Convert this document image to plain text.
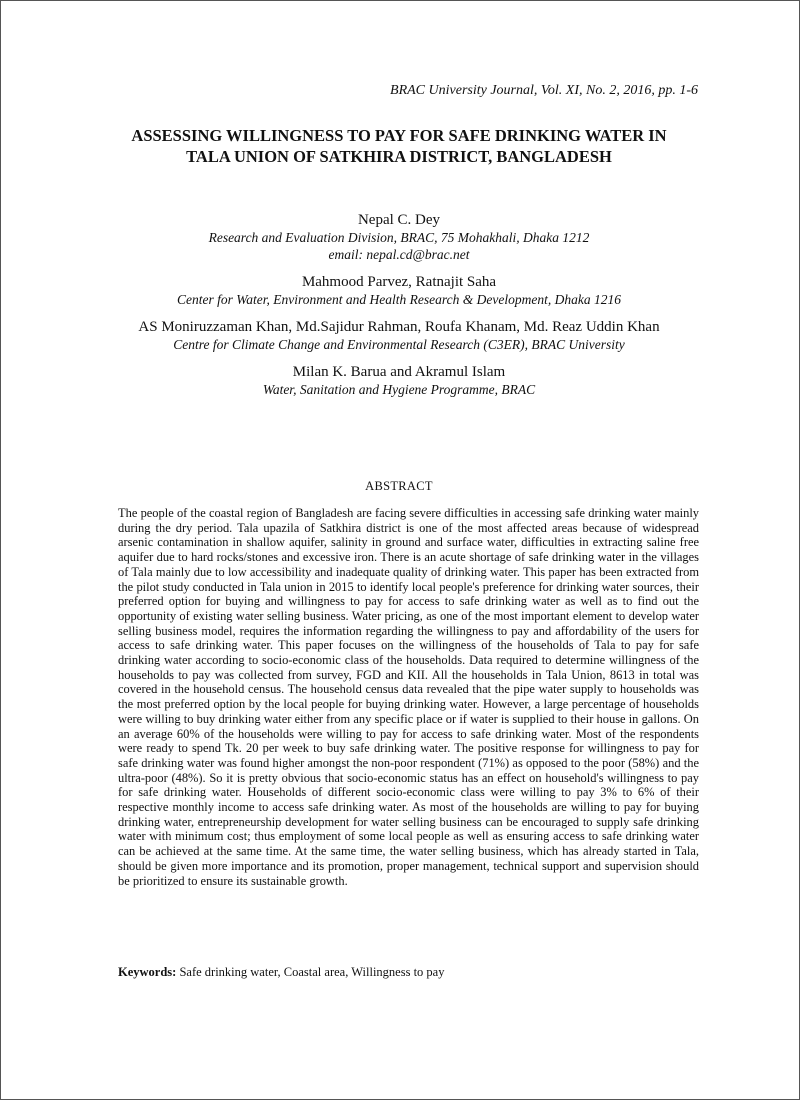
BRAC University Journal, Vol. XI, No. 2, 2016, pp. 1-6
ASSESSING WILLINGNESS TO PAY FOR SAFE DRINKING WATER IN TALA UNION OF SATKHIRA DISTRICT, BANGLADESH
Nepal C. Dey
Research and Evaluation Division, BRAC, 75 Mohakhali, Dhaka 1212
email: nepal.cd@brac.net
Mahmood Parvez, Ratnajit Saha
Center for Water, Environment and Health Research & Development, Dhaka 1216
AS Moniruzzaman Khan, Md.Sajidur Rahman, Roufa Khanam, Md. Reaz Uddin Khan
Centre for Climate Change and Environmental Research (C3ER), BRAC University
Milan K. Barua and Akramul Islam
Water, Sanitation and Hygiene Programme, BRAC
ABSTRACT

The people of the coastal region of Bangladesh are facing severe difficulties in accessing safe drinking water mainly during the dry period. Tala upazila of Satkhira district is one of the most affected areas because of widespread arsenic contamination in shallow aquifer, salinity in ground and surface water, difficulties in extracting saline free aquifer due to hard rocks/stones and excessive iron. There is an acute shortage of safe drinking water in the villages of Tala mainly due to low accessibility and inadequate quality of drinking water. This paper has been extracted from the pilot study conducted in Tala union in 2015 to identify local people's preference for drinking water sources, their preferred option for buying and willingness to pay for access to safe drinking water as well as to find out the opportunity of existing water selling business. Water pricing, as one of the most important element to develop water selling business model, requires the information regarding the willingness to pay and affordability of the users for access to safe drinking water. This paper focuses on the willingness of the households of Tala to pay for safe drinking water according to socio-economic class of the households. Data required to determine willingness of the households to pay was collected from survey, FGD and KII. All the households in Tala Union, 8613 in total was covered in the household census. The household census data revealed that the pipe water supply to households was the most preferred option by the local people for buying drinking water. However, a large percentage of households were willing to buy drinking water either from any specific place or if water is supplied to their house in gallons. On an average 60% of the households were willing to pay for access to safe drinking water. Most of the respondents were ready to spend Tk. 20 per week to buy safe drinking water. The positive response for willingness to pay for safe drinking water was found higher amongst the non-poor respondent (71%) as opposed to the poor (58%) and the ultra-poor (48%). So it is pretty obvious that socio-economic status has an effect on household's willingness to pay for safe drinking water. Households of different socio-economic class were willing to pay 3% to 6% of their respective monthly income to access safe drinking water. As most of the households are willing to pay for buying drinking water, entrepreneurship development for water selling business can be encouraged to supply safe drinking water with minimum cost; thus employment of some local people as well as ensuring access to safe drinking water can be achieved at the same time. At the same time, the water selling business, which has already started in Tala, should be given more importance and its promotion, proper management, technical support and supervision should be prioritized to ensure its sustainable growth.

Keywords: Safe drinking water, Coastal area, Willingness to pay
